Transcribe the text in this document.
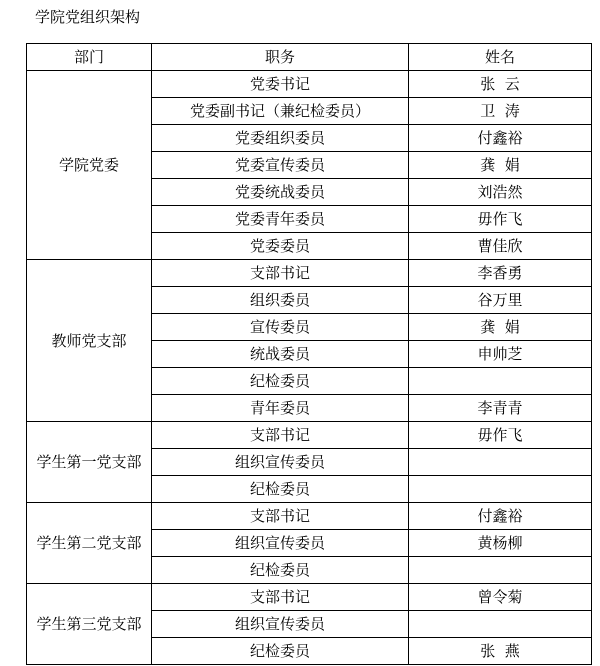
学院党组织架构
部门	职务	姓名
学院党委	党委书记	张  云
	党委副书记（兼纪检委员）	卫  涛
	党委组织委员	付鑫裕
	党委宣传委员	龚  娟
	党委统战委员	刘浩然
	党委青年委员	毋作飞
	党委委员	曹佳欣
教师党支部	支部书记	李香勇
	组织委员	谷万里
	宣传委员	龚  娟
	统战委员	申帅芝
	纪检委员	
	青年委员	李青青
学生第一党支部	支部书记	毋作飞
	组织宣传委员	
	纪检委员	
学生第二党支部	支部书记	付鑫裕
	组织宣传委员	黄杨柳
	纪检委员	
学生第三党支部	支部书记	曾令菊
	组织宣传委员	
	纪检委员	张  燕
